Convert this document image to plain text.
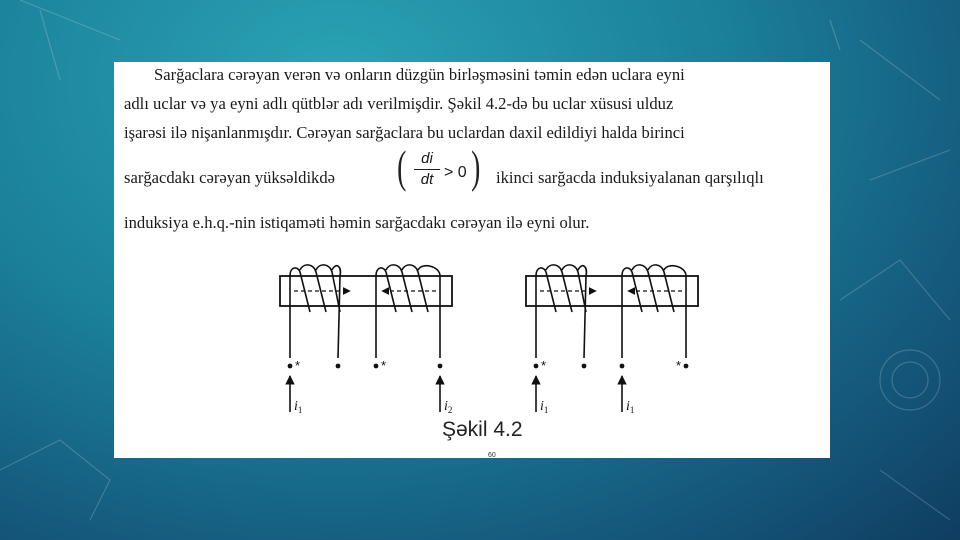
Sarğaclara cərəyan verən və onların düzgün birləşməsini təmin edən uclara eyni
adlı uclar və ya eyni adlı qütblər adı verilmişdir. Şəkil 4.2-də bu uclar xüsusi ulduz
işarəsi ilə nişanlanmışdır. Cərəyan sarğaclara bu uclardan daxil edildiyi halda birinci
sarğacdakı cərəyan yüksəldikdə	ikinci sarğacda induksiyalanan qarşılıqlı
induksiya e.h.q.-nin istiqaməti həmin sarğacdakı cərəyan ilə eyni olur.
( di
dt > 0 )
*	*	*	*
$i_1$	$i_2$	$i_1$	$i_1$
Şəkil 4.2
60
